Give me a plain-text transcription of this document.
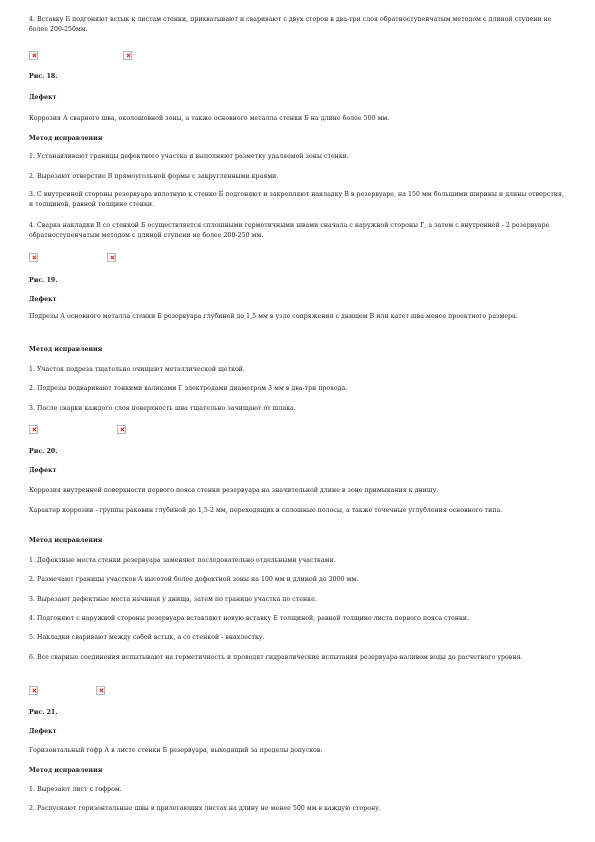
4. Вставку Б подгоняют встык к листам стенки, прихватывают и сваривают с двух сторон в два-три слоя обратноступенчатым методом с длиной ступени не более 200-250мм.

Рис. 18.

Дефект

Коррозия А сварного шва, околошовной зоны, а также основного металла стенки Б на длине более 500 мм.

Метод исправления

1. Устанавливают границы дефектного участка и выполняют разметку удаляемой зоны стенки.

2. Вырезают отверстие В прямоугольной формы с закругленными краями.

3. С внутренней стороны резервуара вплотную к стенке Б подгоняют и закрепляют накладку В в резервуаре, на 150 мм большими ширины и длины отверстия, и толщиной, равной толщине стенки.

4. Сварка накладки В со стенкой Б осуществляется сплошными герметичными швами сначала с наружной стороны Г, а затем с внутренней - 2 резервуаре обратноступенчатым методом с длиной ступени не более 200-250 мм.

Рис. 19.

Дефект

Подрезы А основного металла стенки Б резервуара глубиной до 1,5 мм в узле сопряжения с днищем В или катет шва менее проектного размера.

Метод исправления

1. Участок подреза тщательно очищают металлической щеткой.

2. Подрезы подваривают тонкими валиками Г электродами диаметром 3 мм в два-три прохода.

3. После сварки каждого слоя поверхность шва тщательно зачищают от шлака.

Рис. 20.

Дефект

Коррозия внутренней поверхности первого пояса стенки резервуара на значительной длине в зоне примыкания к днищу.

Характер коррозии - группы раковин глубиной до 1,5-2 мм, переходящих в сплошные полосы, а также точечные углубления основного типа.

Метод исправления

1. Дефектные места стенки резервуара заменяют последовательно отдельными участками.

2. Размечают границы участков А высотой более дефектной зоны на 100 мм и длиной до 3000 мм.

3. Вырезают дефектные места начиная у днища, затем по границе участка по стенке.

4. Подгоняют с наружной стороны резервуара вставляют новую вставку Б толщиной, равной толщине листа первого пояса стенки.

5. Накладки сваривают между собой встык, а со стенкой - внахлестку.

6. Все сварные соединения испытывают на герметичность и проводят гидравлические испытания резервуара наливом воды до расчетного уровня.

Рис. 21.

Дефект

Горизонтальный гофр А в листе стенки Б резервуара, выходящий за пределы допусков.

Метод исправления

1. Вырезают лист с гофром.

2. Распускают горизонтальные швы в прилегающих листах на длину не менее 500 мм в каждую сторону.
